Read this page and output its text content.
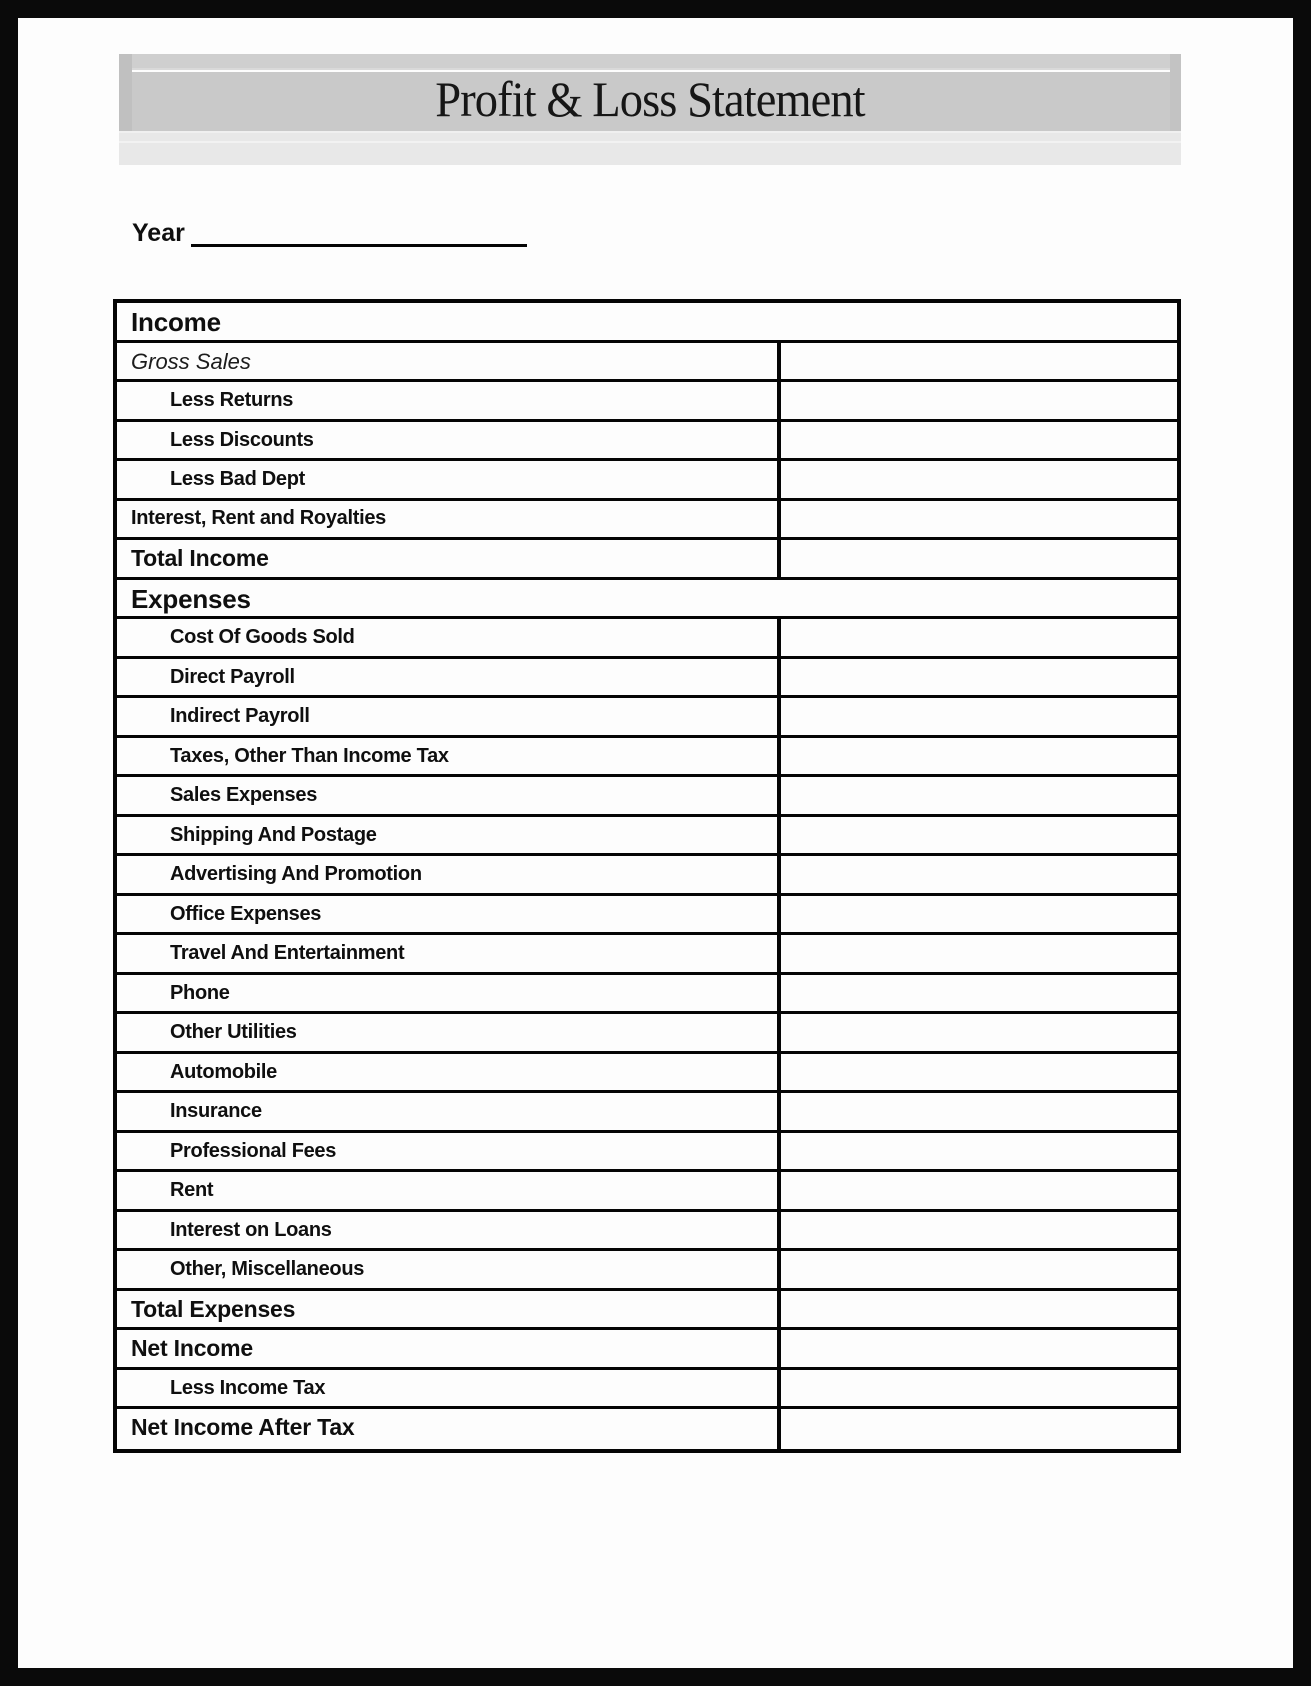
Profit & Loss Statement
Year
Income
Gross Sales
Less Returns
Less Discounts
Less Bad Dept
Interest, Rent and Royalties
Total Income
Expenses
Cost Of Goods Sold
Direct Payroll
Indirect Payroll
Taxes, Other Than Income Tax
Sales Expenses
Shipping And Postage
Advertising And Promotion
Office Expenses
Travel And Entertainment
Phone
Other Utilities
Automobile
Insurance
Professional Fees
Rent
Interest on Loans
Other, Miscellaneous
Total Expenses
Net Income
Less Income Tax
Net Income After Tax
